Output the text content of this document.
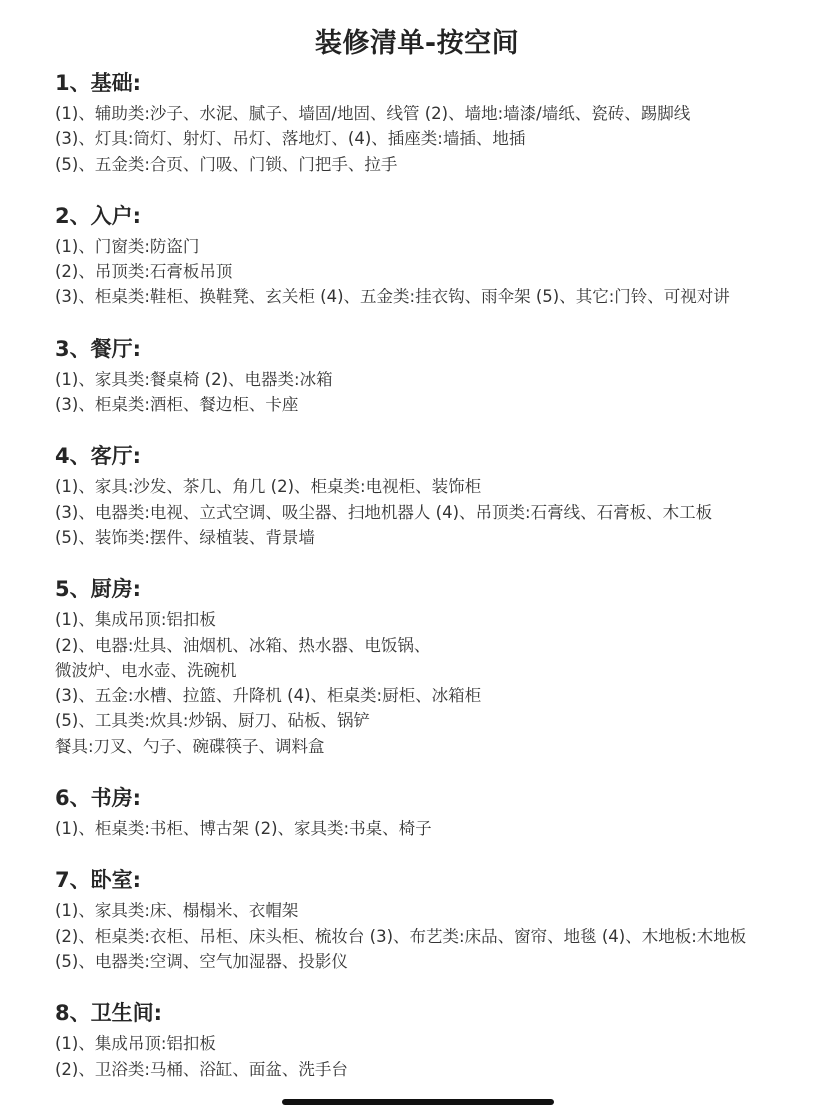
装修清单-按空间
1、基础:
(1)、辅助类:沙子、水泥、腻子、墙固/地固、线管 (2)、墙地:墙漆/墙纸、瓷砖、踢脚线
(3)、灯具:筒灯、射灯、吊灯、落地灯、(4)、插座类:墙插、地插
(5)、五金类:合页、门吸、门锁、门把手、拉手
2、入户:
(1)、门窗类:防盗门
(2)、吊顶类:石膏板吊顶
(3)、柜桌类:鞋柜、换鞋凳、玄关柜 (4)、五金类:挂衣钩、雨伞架 (5)、其它:门铃、可视对讲
3、餐厅:
(1)、家具类:餐桌椅 (2)、电器类:冰箱
(3)、柜桌类:酒柜、餐边柜、卡座
4、客厅:
(1)、家具:沙发、茶几、角几 (2)、柜桌类:电视柜、装饰柜
(3)、电器类:电视、立式空调、吸尘器、扫地机器人 (4)、吊顶类:石膏线、石膏板、木工板
(5)、装饰类:摆件、绿植装、背景墙
5、厨房:
(1)、集成吊顶:铝扣板
(2)、电器:灶具、油烟机、冰箱、热水器、电饭锅、
微波炉、电水壶、洗碗机
(3)、五金:水槽、拉篮、升降机 (4)、柜桌类:厨柜、冰箱柜
(5)、工具类:炊具:炒锅、厨刀、砧板、锅铲
餐具:刀叉、勺子、碗碟筷子、调料盒
6、书房:
(1)、柜桌类:书柜、博古架 (2)、家具类:书桌、椅子
7、卧室:
(1)、家具类:床、榻榻米、衣帽架
(2)、柜桌类:衣柜、吊柜、床头柜、梳妆台 (3)、布艺类:床品、窗帘、地毯 (4)、木地板:木地板
(5)、电器类:空调、空气加湿器、投影仪
8、卫生间:
(1)、集成吊顶:铝扣板
(2)、卫浴类:马桶、浴缸、面盆、洗手台
